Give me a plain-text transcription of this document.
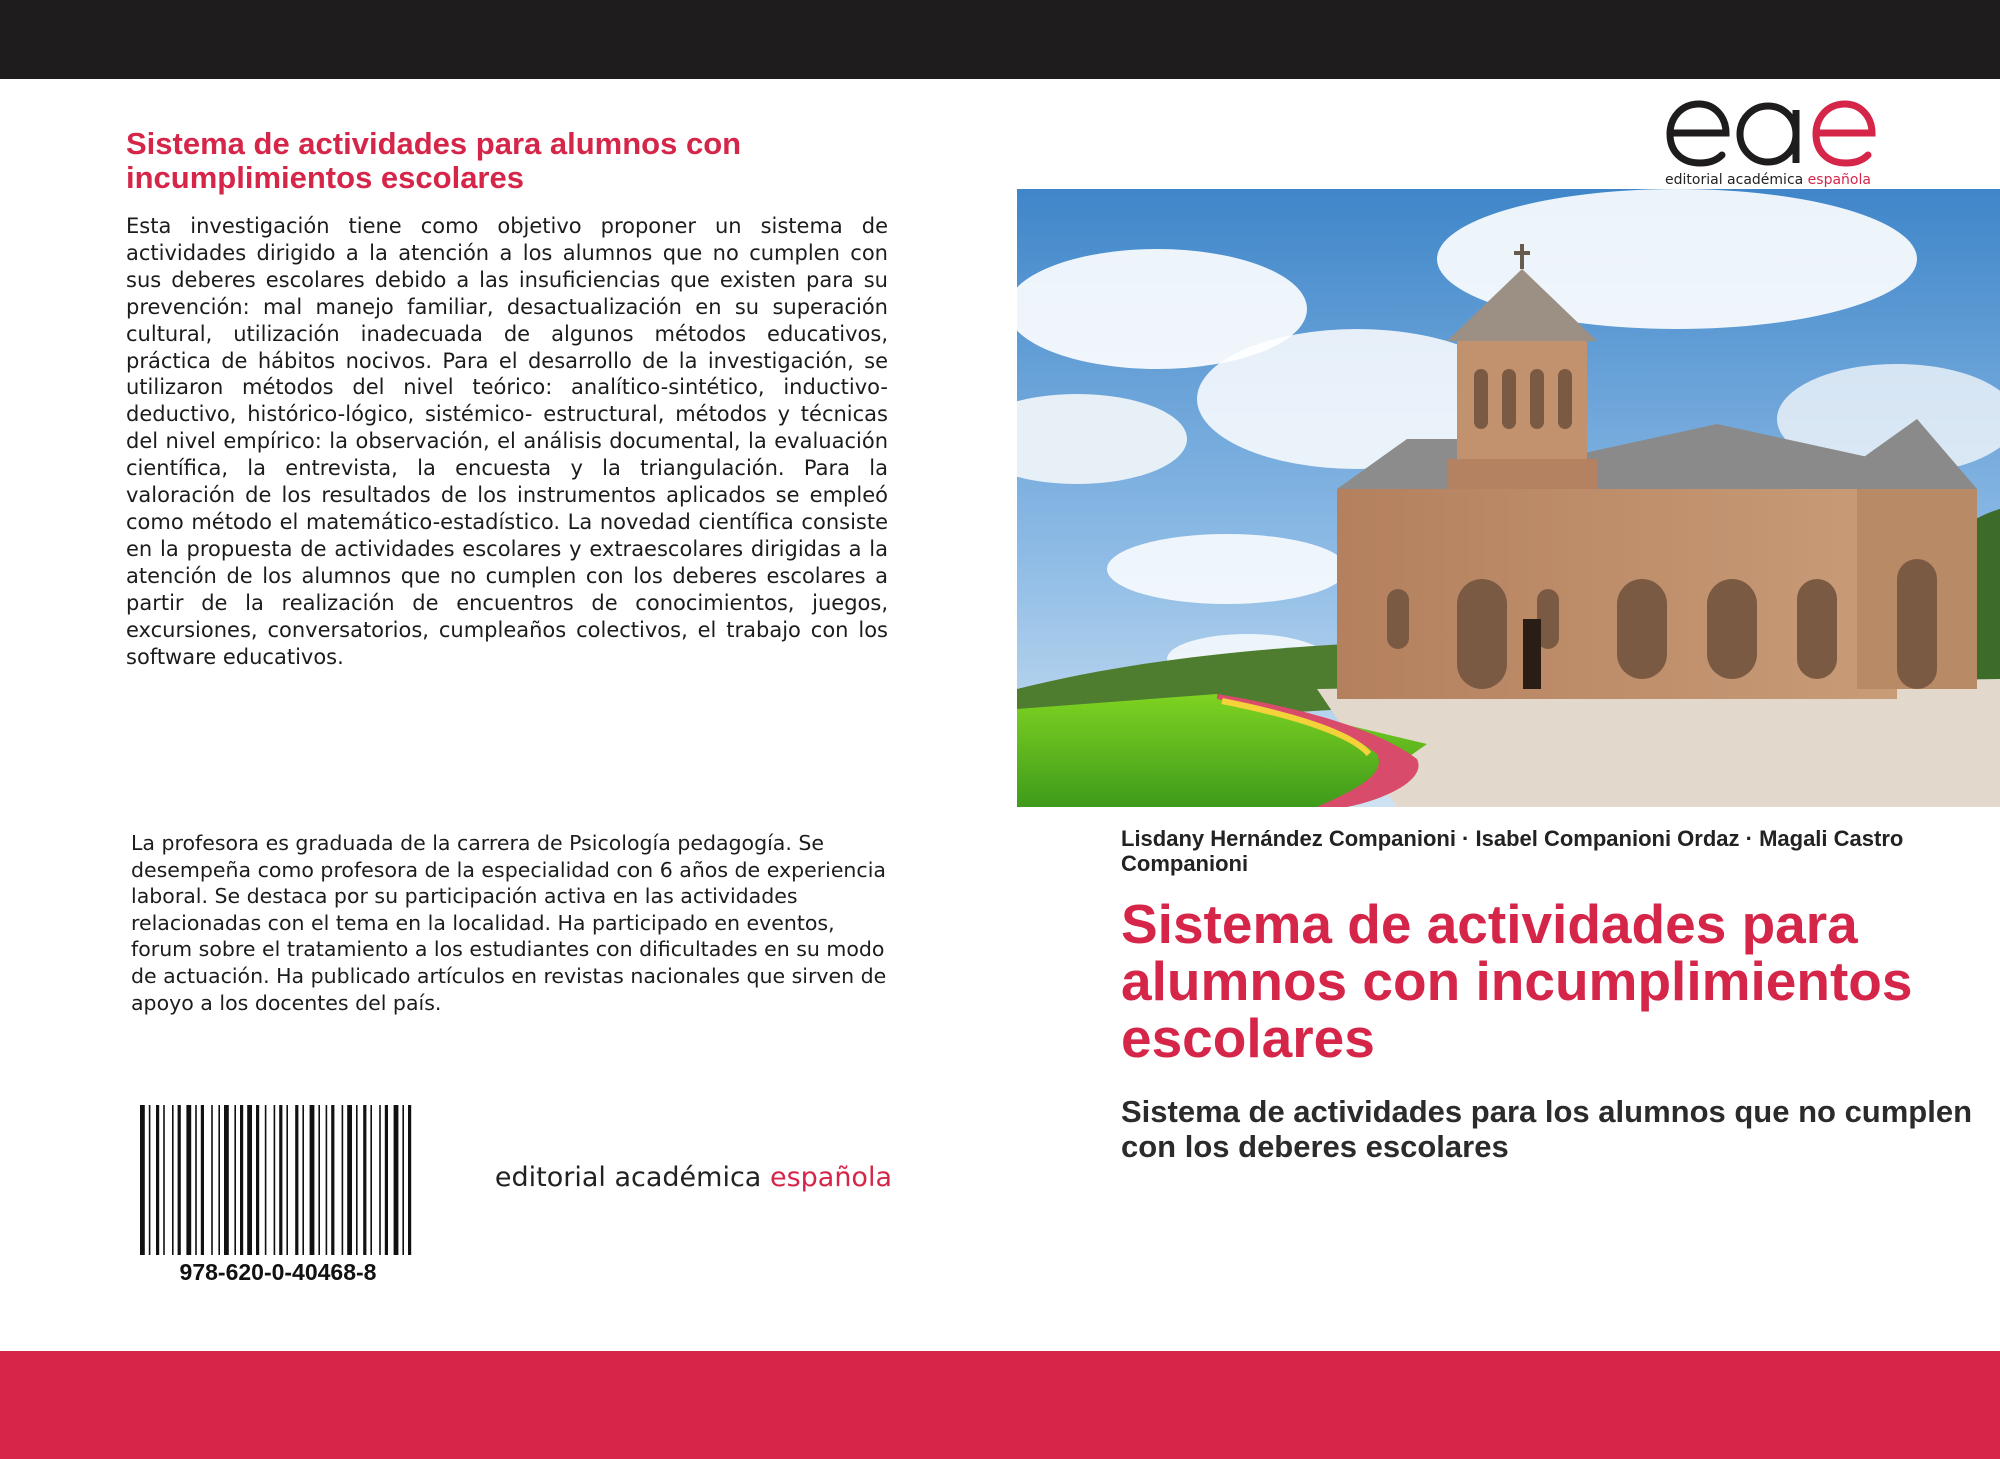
Sistema de actividades para alumnos con incumplimientos escolares

Esta investigación tiene como objetivo proponer un sistema de actividades dirigido a la atención a los alumnos que no cumplen con sus deberes escolares debido a las insuficiencias que existen para su prevención: mal manejo familiar, desactualización en su superación cultural, utilización inadecuada de algunos métodos educativos, práctica de hábitos nocivos. Para el desarrollo de la investigación, se utilizaron métodos del nivel teórico: analítico-sintético, inductivo-deductivo, histórico-lógico, sistémico- estructural, métodos y técnicas del nivel empírico: la observación, el análisis documental, la evaluación científica, la entrevista, la encuesta y la triangulación. Para la valoración de los resultados de los instrumentos aplicados se empleó como método el matemático-estadístico. La novedad científica consiste en la propuesta de actividades escolares y extraescolares dirigidas a la atención de los alumnos que no cumplen con los deberes escolares a partir de la realización de encuentros de conocimientos, juegos, excursiones, conversatorios, cumpleaños colectivos, el trabajo con los software educativos.

La profesora es graduada de la carrera de Psicología pedagogía. Se desempeña como profesora de la especialidad con 6 años de experiencia laboral. Se destaca por su participación activa en las actividades relacionadas con el tema en la localidad. Ha participado en eventos, forum sobre el tratamiento a los estudiantes con dificultades en su modo de actuación. Ha publicado artículos en revistas nacionales que sirven de apoyo a los docentes del país.

978-620-0-40468-8
editorial académica española
editorial académica española

Lisdany Hernández Companioni · Isabel Companioni Ordaz · Magali Castro Companioni

Sistema de actividades para alumnos con incumplimientos escolares

Sistema de actividades para los alumnos que no cumplen con los deberes escolares
